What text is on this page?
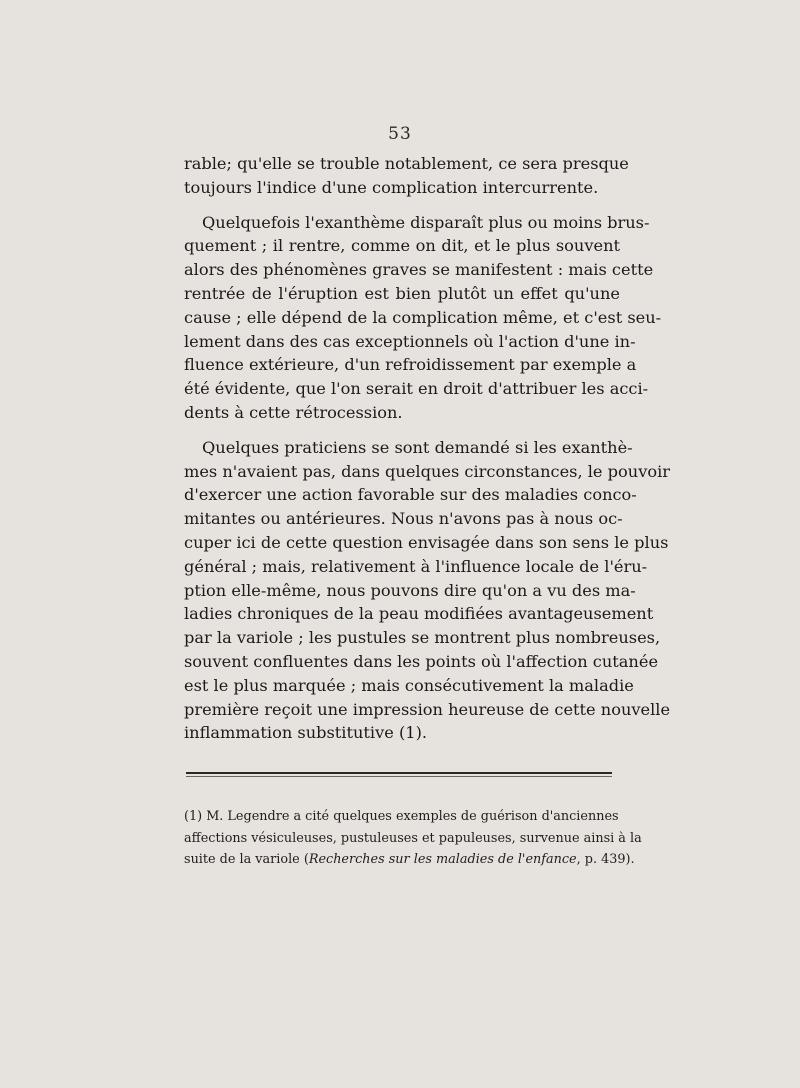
53

rable; qu'elle se trouble notablement, ce sera presque
toujours l'indice d'une complication intercurrente.

Quelquefois l'exanthème disparaît plus ou moins brus-
quement ; il rentre, comme on dit, et le plus souvent
alors des phénomènes graves se manifestent : mais cette
rentrée de l'éruption est bien plutôt un effet qu'une
cause ; elle dépend de la complication même, et c'est seu-
lement dans des cas exceptionnels où l'action d'une in-
fluence extérieure, d'un refroidissement par exemple a
été évidente, que l'on serait en droit d'attribuer les acci-
dents à cette rétrocession.

Quelques praticiens se sont demandé si les exanthè-
mes n'avaient pas, dans quelques circonstances, le pouvoir
d'exercer une action favorable sur des maladies conco-
mitantes ou antérieures. Nous n'avons pas à nous oc-
cuper ici de cette question envisagée dans son sens le plus
général ; mais, relativement à l'influence locale de l'éru-
ption elle-même, nous pouvons dire qu'on a vu des ma-
ladies chroniques de la peau modifiées avantageusement
par la variole ; les pustules se montrent plus nombreuses,
souvent confluentes dans les points où l'affection cutanée
est le plus marquée ; mais consécutivement la maladie
première reçoit une impression heureuse de cette nouvelle
inflammation substitutive (1).

(1) M. Legendre a cité quelques exemples de guérison d'anciennes
affections vésiculeuses, pustuleuses et papuleuses, survenue ainsi à la
suite de la variole (Recherches sur les maladies de l'enfance, p. 439).
